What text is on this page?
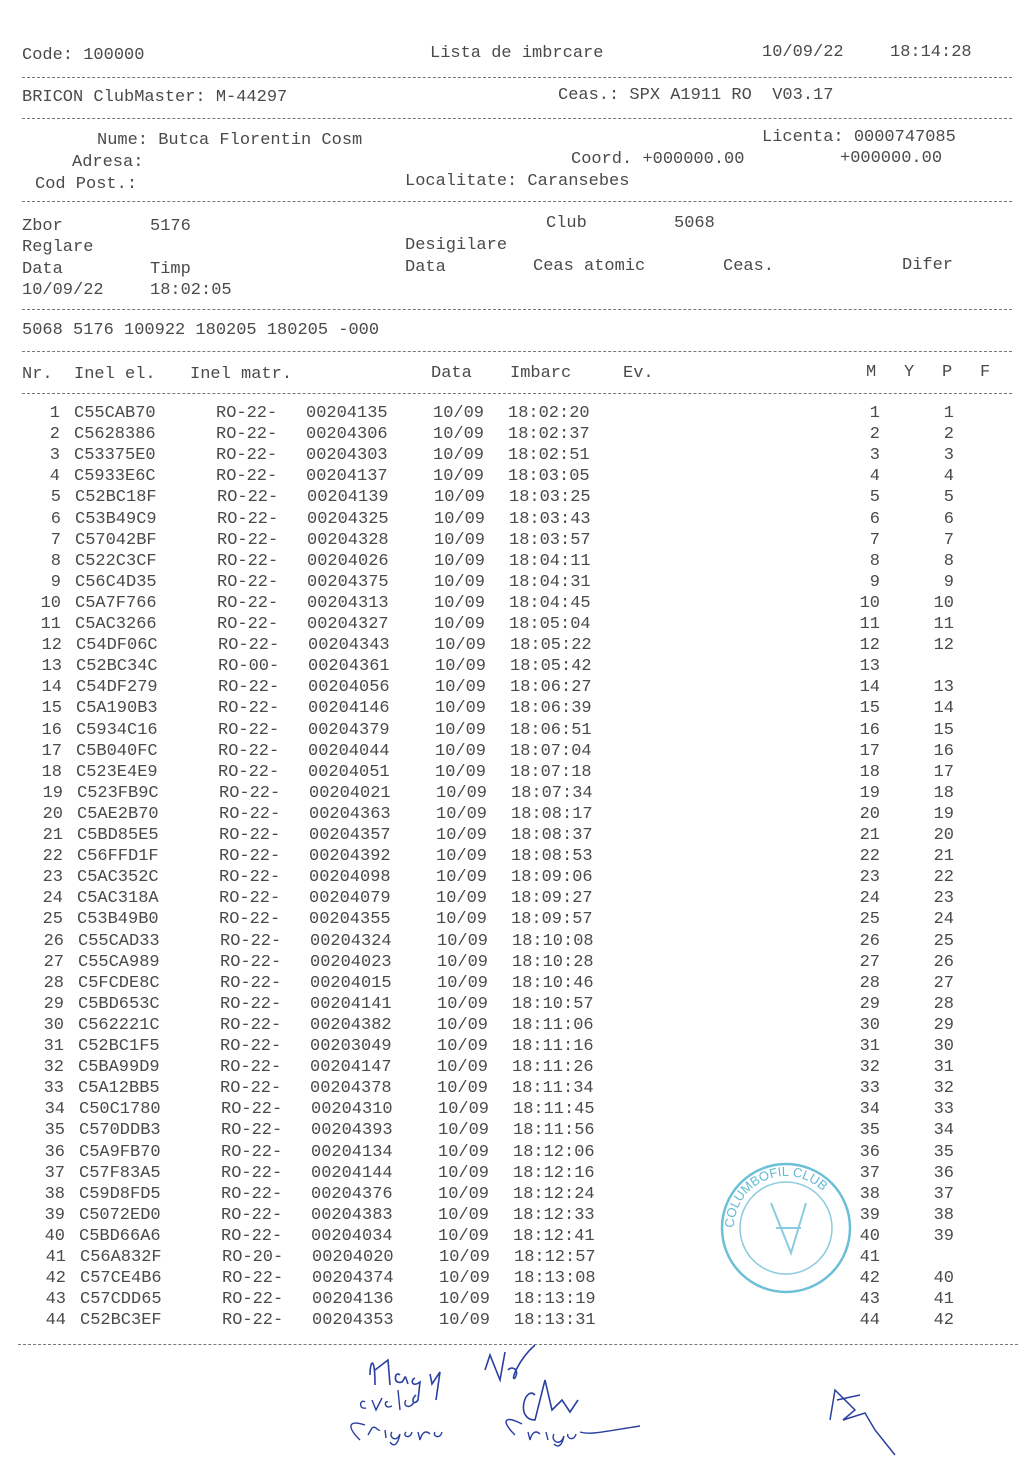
Code: 100000	Lista de imbrcare	10/09/22	18:14:28
BRICON ClubMaster: M-44297	Ceas.: SPX A1911 RO  V03.17
Nume: Butca Florentin Cosm	Licenta: 0000747085
Adresa:	Coord. +000000.00	+000000.00
Cod Post.:	Localitate: Caransebes
Zbor	5176	Club	5068
Reglare	Desigilare
Data	Timp	Data	Ceas atomic	Ceas.	Difer
10/09/22	18:02:05
5068 5176 100922 180205 180205 -000
Nr. Inel el. Inel matr.	Data Imbarc	Ev.	M Y P F
1 C55CAB70	RO-22- 00204135	10/09 18:02:20	1	1
2 C5628386	RO-22- 00204306	10/09 18:02:37	2	2
3 C53375E0	RO-22- 00204303	10/09 18:02:51	3	3
4 C5933E6C	RO-22- 00204137	10/09 18:03:05	4	4
5 C52BC18F	RO-22- 00204139	10/09 18:03:25	5	5
6 C53B49C9	RO-22- 00204325	10/09 18:03:43	6	6
7 C57042BF	RO-22- 00204328	10/09 18:03:57	7	7
8 C522C3CF	RO-22- 00204026	10/09 18:04:11	8	8
9 C56C4D35	RO-22- 00204375	10/09 18:04:31	9	9
10 C5A7F766	RO-22- 00204313	10/09 18:04:45	10	10
11 C5AC3266	RO-22- 00204327	10/09 18:05:04	11	11
12 C54DF06C	RO-22- 00204343	10/09 18:05:22	12	12
13 C52BC34C	RO-00- 00204361	10/09 18:05:42	13
14 C54DF279	RO-22- 00204056	10/09 18:06:27	14	13
15 C5A190B3	RO-22- 00204146	10/09 18:06:39	15	14
16 C5934C16	RO-22- 00204379	10/09 18:06:51	16	15
17 C5B040FC	RO-22- 00204044	10/09 18:07:04	17	16
18 C523E4E9	RO-22- 00204051	10/09 18:07:18	18	17
19 C523FB9C	RO-22- 00204021	10/09 18:07:34	19	18
20 C5AE2B70	RO-22- 00204363	10/09 18:08:17	20	19
21 C5BD85E5	RO-22- 00204357	10/09 18:08:37	21	20
22 C56FFD1F	RO-22- 00204392	10/09 18:08:53	22	21
23 C5AC352C	RO-22- 00204098	10/09 18:09:06	23	22
24 C5AC318A	RO-22- 00204079	10/09 18:09:27	24	23
25 C53B49B0	RO-22- 00204355	10/09 18:09:57	25	24
26 C55CAD33	RO-22- 00204324	10/09 18:10:08	26	25
27 C55CA989	RO-22- 00204023	10/09 18:10:28	27	26
28 C5FCDE8C	RO-22- 00204015	10/09 18:10:46	28	27
29 C5BD653C	RO-22- 00204141	10/09 18:10:57	29	28
30 C562221C	RO-22- 00204382	10/09 18:11:06	30	29
31 C52BC1F5	RO-22- 00203049	10/09 18:11:16	31	30
32 C5BA99D9	RO-22- 00204147	10/09 18:11:26	32	31
33 C5A12BB5	RO-22- 00204378	10/09 18:11:34	33	32
34 C50C1780	RO-22- 00204310	10/09 18:11:45	34	33
35 C570DDB3	RO-22- 00204393	10/09 18:11:56	35	34
36 C5A9FB70	RO-22- 00204134	10/09 18:12:06	36	35
37 C57F83A5	RO-22- 00204144	10/09 18:12:16	37	36
38 C59D8FD5	RO-22- 00204376	10/09 18:12:24	38	37
39 C5072ED0	RO-22- 00204383	10/09 18:12:33	39	38
40 C5BD66A6	RO-22- 00204034	10/09 18:12:41	40	39
41 C56A832F	RO-20- 00204020	10/09 18:12:57	41
42 C57CE4B6	RO-22- 00204374	10/09 18:13:08	42	40
43 C57CDD65	RO-22- 00204136	10/09 18:13:19	43	41
44 C52BC3EF	RO-22- 00204353	10/09 18:13:31	44	42
COLUMBOFIL CLUB
Nagy Vele Grigore
